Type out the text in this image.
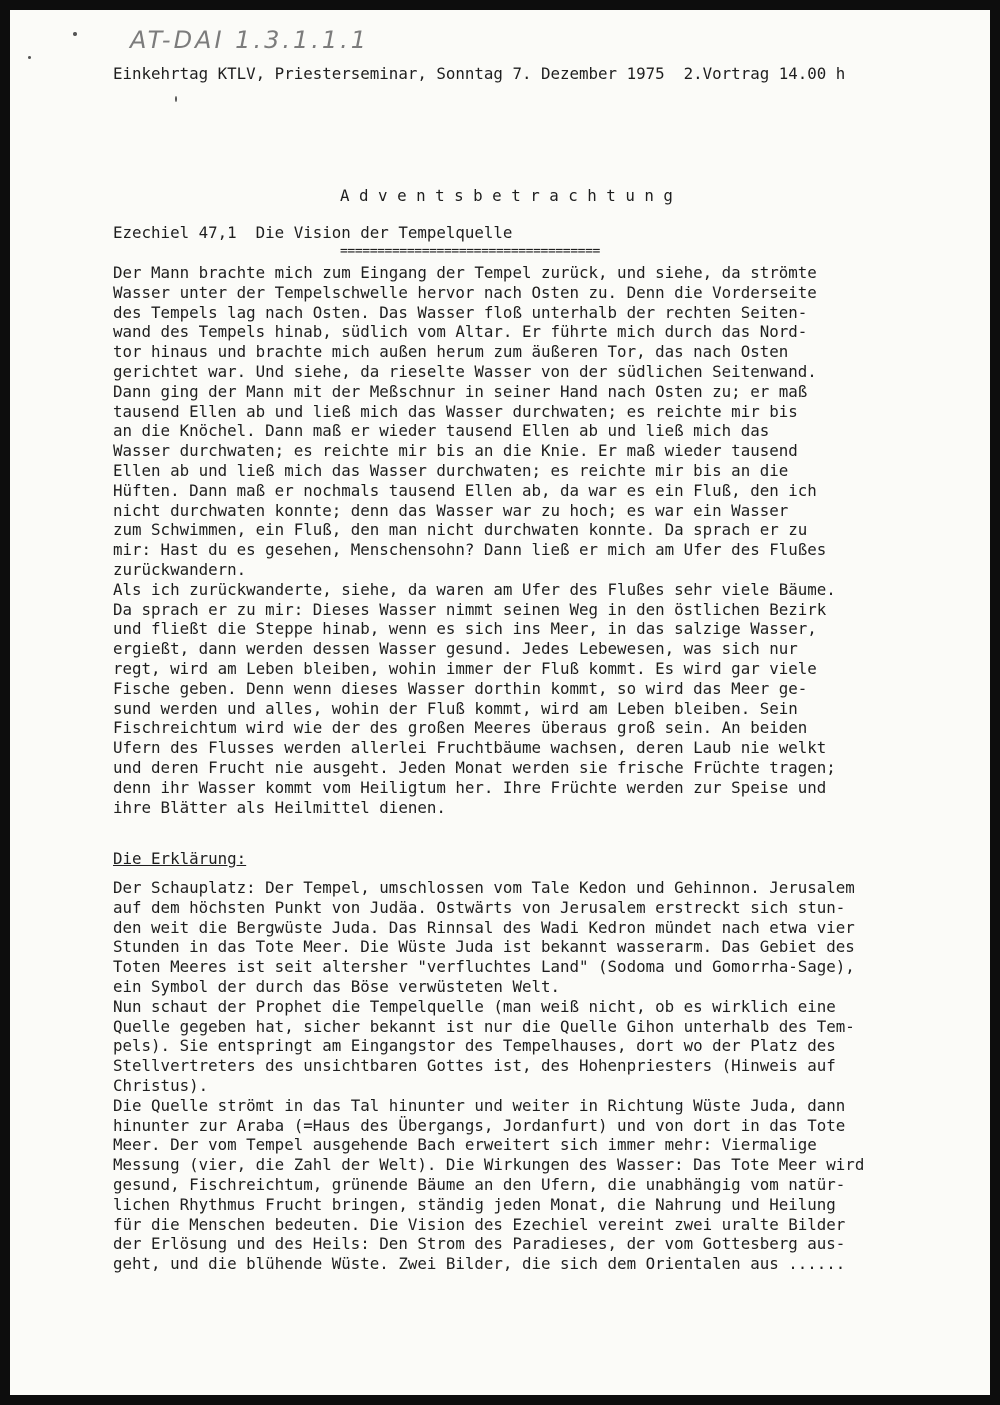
AT-DAI 1.3.1.1.1
Einkehrtag KTLV, Priesterseminar, Sonntag 7. Dezember 1975  2.Vortrag 14.00 h

A d v e n t s b e t r a c h t u n g

===================================

Ezechiel 47,1  Die Vision der Tempelquelle
Der Mann brachte mich zum Eingang der Tempel zurück, und siehe, da strömte
Wasser unter der Tempelschwelle hervor nach Osten zu. Denn die Vorderseite
des Tempels lag nach Osten. Das Wasser floß unterhalb der rechten Seiten-
wand des Tempels hinab, südlich vom Altar. Er führte mich durch das Nord-
tor hinaus und brachte mich außen herum zum äußeren Tor, das nach Osten
gerichtet war. Und siehe, da rieselte Wasser von der südlichen Seitenwand.
Dann ging der Mann mit der Meßschnur in seiner Hand nach Osten zu; er maß
tausend Ellen ab und ließ mich das Wasser durchwaten; es reichte mir bis
an die Knöchel. Dann maß er wieder tausend Ellen ab und ließ mich das
Wasser durchwaten; es reichte mir bis an die Knie. Er maß wieder tausend
Ellen ab und ließ mich das Wasser durchwaten; es reichte mir bis an die
Hüften. Dann maß er nochmals tausend Ellen ab, da war es ein Fluß, den ich
nicht durchwaten konnte; denn das Wasser war zu hoch; es war ein Wasser
zum Schwimmen, ein Fluß, den man nicht durchwaten konnte. Da sprach er zu
mir: Hast du es gesehen, Menschensohn? Dann ließ er mich am Ufer des Flußes
zurückwandern.
Als ich zurückwanderte, siehe, da waren am Ufer des Flußes sehr viele Bäume.
Da sprach er zu mir: Dieses Wasser nimmt seinen Weg in den östlichen Bezirk
und fließt die Steppe hinab, wenn es sich ins Meer, in das salzige Wasser,
ergießt, dann werden dessen Wasser gesund. Jedes Lebewesen, was sich nur
regt, wird am Leben bleiben, wohin immer der Fluß kommt. Es wird gar viele
Fische geben. Denn wenn dieses Wasser dorthin kommt, so wird das Meer ge-
sund werden und alles, wohin der Fluß kommt, wird am Leben bleiben. Sein
Fischreichtum wird wie der des großen Meeres überaus groß sein. An beiden
Ufern des Flusses werden allerlei Fruchtbäume wachsen, deren Laub nie welkt
und deren Frucht nie ausgeht. Jeden Monat werden sie frische Früchte tragen;
denn ihr Wasser kommt vom Heiligtum her. Ihre Früchte werden zur Speise und
ihre Blätter als Heilmittel dienen.
Die Erklärung:
Der Schauplatz: Der Tempel, umschlossen vom Tale Kedon und Gehinnon. Jerusalem
auf dem höchsten Punkt von Judäa. Ostwärts von Jerusalem erstreckt sich stun-
den weit die Bergwüste Juda. Das Rinnsal des Wadi Kedron mündet nach etwa vier
Stunden in das Tote Meer. Die Wüste Juda ist bekannt wasserarm. Das Gebiet des
Toten Meeres ist seit altersher "verfluchtes Land" (Sodoma und Gomorrha-Sage),
ein Symbol der durch das Böse verwüsteten Welt.
Nun schaut der Prophet die Tempelquelle (man weiß nicht, ob es wirklich eine
Quelle gegeben hat, sicher bekannt ist nur die Quelle Gihon unterhalb des Tem-
pels). Sie entspringt am Eingangstor des Tempelhauses, dort wo der Platz des
Stellvertreters des unsichtbaren Gottes ist, des Hohenpriesters (Hinweis auf
Christus).
Die Quelle strömt in das Tal hinunter und weiter in Richtung Wüste Juda, dann
hinunter zur Araba (=Haus des Übergangs, Jordanfurt) und von dort in das Tote
Meer. Der vom Tempel ausgehende Bach erweitert sich immer mehr: Viermalige
Messung (vier, die Zahl der Welt). Die Wirkungen des Wasser: Das Tote Meer wird
gesund, Fischreichtum, grünende Bäume an den Ufern, die unabhängig vom natür-
lichen Rhythmus Frucht bringen, ständig jeden Monat, die Nahrung und Heilung
für die Menschen bedeuten. Die Vision des Ezechiel vereint zwei uralte Bilder
der Erlösung und des Heils: Den Strom des Paradieses, der vom Gottesberg aus-
geht, und die blühende Wüste. Zwei Bilder, die sich dem Orientalen aus ......
